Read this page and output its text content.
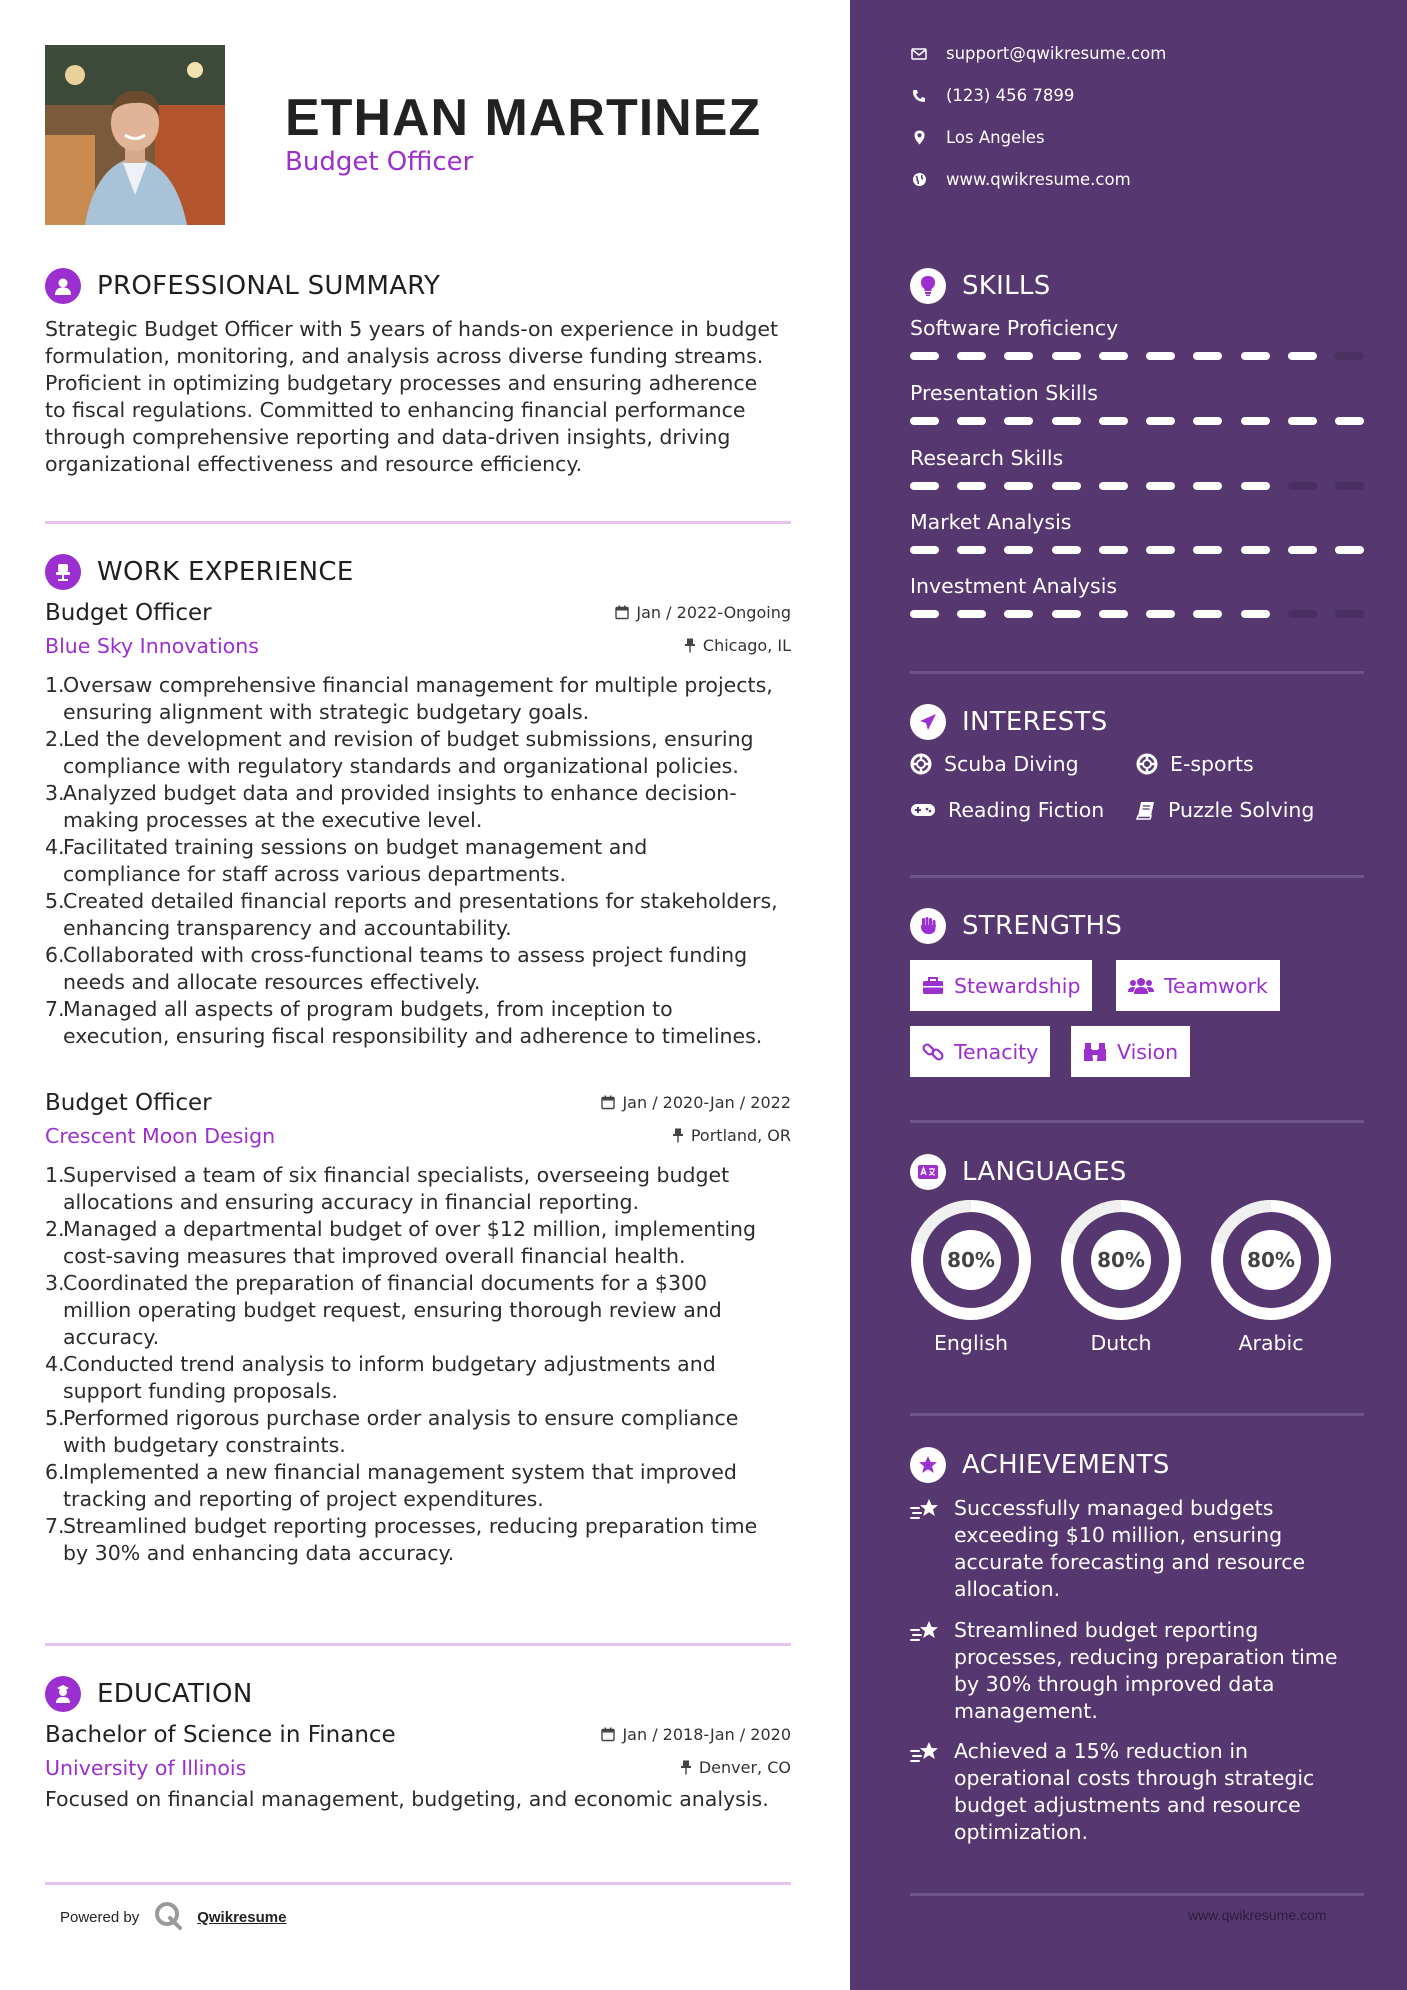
ETHAN MARTINEZ
Budget Officer
PROFESSIONAL SUMMARY
Strategic Budget Officer with 5 years of hands-on experience in budget
formulation, monitoring, and analysis across diverse funding streams.
Proficient in optimizing budgetary processes and ensuring adherence
to fiscal regulations. Committed to enhancing financial performance
through comprehensive reporting and data-driven insights, driving
organizational effectiveness and resource efficiency.
WORK EXPERIENCE
Budget Officer	Jan / 2022-Ongoing
Blue Sky Innovations	Chicago, IL
1.
Oversaw comprehensive financial management for multiple projects,
ensuring alignment with strategic budgetary goals.
2.
Led the development and revision of budget submissions, ensuring
compliance with regulatory standards and organizational policies.
3.
Analyzed budget data and provided insights to enhance decision-
making processes at the executive level.
4.
Facilitated training sessions on budget management and
compliance for staff across various departments.
5.
Created detailed financial reports and presentations for stakeholders,
enhancing transparency and accountability.
6.
Collaborated with cross-functional teams to assess project funding
needs and allocate resources effectively.
7.
Managed all aspects of program budgets, from inception to
execution, ensuring fiscal responsibility and adherence to timelines.
Budget Officer	Jan / 2020-Jan / 2022
Crescent Moon Design	Portland, OR
1.
Supervised a team of six financial specialists, overseeing budget
allocations and ensuring accuracy in financial reporting.
2.
Managed a departmental budget of over $12 million, implementing
cost-saving measures that improved overall financial health.
3.
Coordinated the preparation of financial documents for a $300
million operating budget request, ensuring thorough review and
accuracy.
4.
Conducted trend analysis to inform budgetary adjustments and
support funding proposals.
5.
Performed rigorous purchase order analysis to ensure compliance
with budgetary constraints.
6.
Implemented a new financial management system that improved
tracking and reporting of project expenditures.
7.
Streamlined budget reporting processes, reducing preparation time
by 30% and enhancing data accuracy.
EDUCATION
Bachelor of Science in Finance	Jan / 2018-Jan / 2020
University of Illinois	Denver, CO
Focused on financial management, budgeting, and economic analysis.
Powered by	Qwikresume
support@qwikresume.com
(123) 456 7899
Los Angeles
www.qwikresume.com
SKILLS
Software Proficiency
Presentation Skills
Research Skills
Market Analysis
Investment Analysis
INTERESTS
Scuba Diving	E-sports
Reading Fiction	Puzzle Solving
STRENGTHS
Stewardship	Teamwork
Tenacity	Vision
LANGUAGES
80%
English
80%
Dutch
80%
Arabic
ACHIEVEMENTS
Successfully managed budgets
exceeding $10 million, ensuring
accurate forecasting and resource
allocation.
Streamlined budget reporting
processes, reducing preparation time
by 30% through improved data
management.
Achieved a 15% reduction in
operational costs through strategic
budget adjustments and resource
optimization.
www.qwikresume.com
